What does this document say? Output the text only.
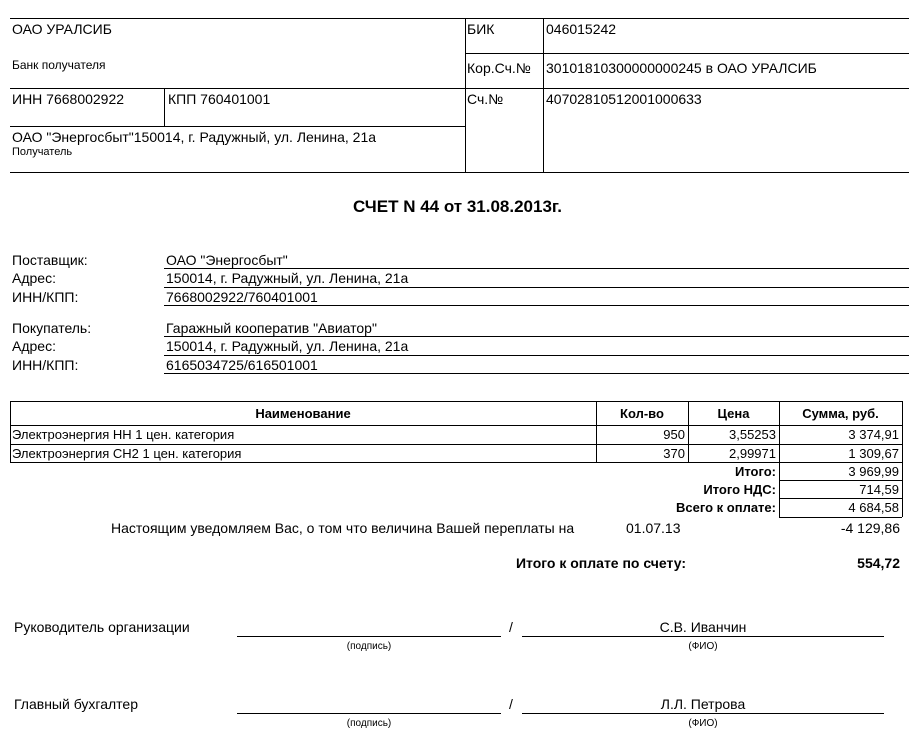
ОАО УРАЛСИБ
Банк получателя
БИК	046015242
Кор.Сч.№ 30101810300000000245 в ОАО УРАЛСИБ
ИНН 7668002922	КПП 760401001	Сч.№	40702810512001000633
ОАО "Энергосбыт"150014, г. Радужный, ул. Ленина, 21а
Получатель
СЧЕТ N 44 от 31.08.2013г.
Поставщик:	ОАО "Энергосбыт"
Адрес:	150014, г. Радужный, ул. Ленина, 21а
ИНН/КПП:	7668002922/760401001
Покупатель:	Гаражный кооператив "Авиатор"
Адрес:	150014, г. Радужный, ул. Ленина, 21а
ИНН/КПП:	6165034725/616501001
Наименование	Кол-во	Цена	Сумма, руб.
Электроэнергия НН 1 цен. категория	950	3,55253	3 374,91
Электроэнергия СН2 1 цен. категория	370	2,99971	1 309,67
Итого:	3 969,99
Итого НДС:	714,59
Всего к оплате:	4 684,58
Настоящим уведомляем Вас, о том что величина Вашей переплаты на	01.07.13	-4 129,86
Итого к оплате по счету:	554,72
Руководитель организации	/	С.В. Иванчин
(подпись)	(ФИО)
Главный бухгалтер	/	Л.Л. Петрова
(подпись)	(ФИО)
